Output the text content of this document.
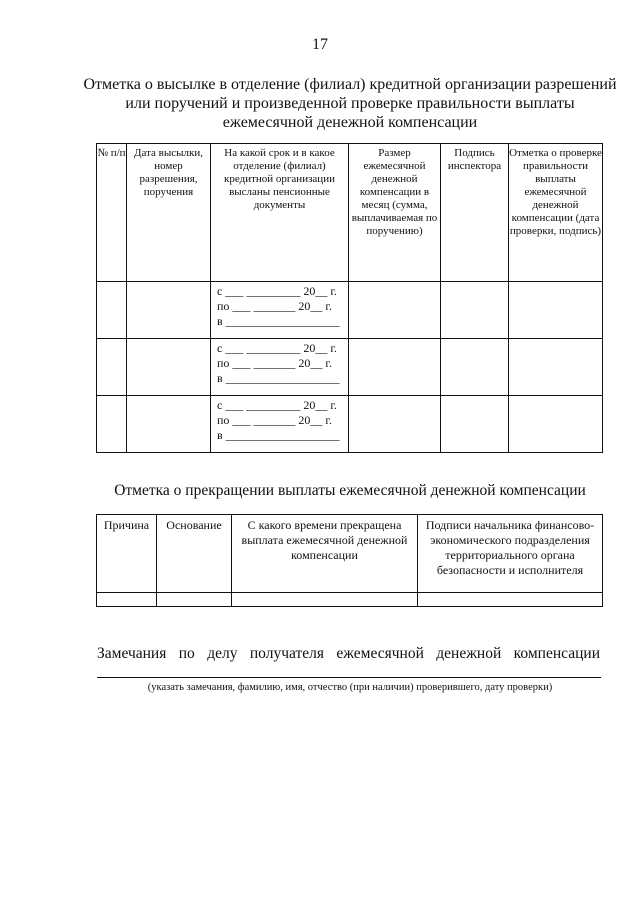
17
Отметка о высылке в отделение (филиал) кредитной организации разрешений
или поручений и произведенной проверке правильности выплаты
ежемесячной денежной компенсации
№ п/п	Дата высылки, номер разрешения, поручения	На какой срок и в какое отделение (филиал) кредитной организации высланы пенсионные документы	Размер ежемесячной денежной компенсации в месяц (сумма, выплачиваемая по поручению)	Подпись инспектора	Отметка о проверке правильности выплаты ежемесячной денежной компенсации (дата проверки, подпись)

		с ___ _________ 20__ г.
по ___ _______ 20__ г.
в ___________________			

		с ___ _________ 20__ г.
по ___ _______ 20__ г.
в ___________________			

		с ___ _________ 20__ г.
по ___ _______ 20__ г.
в ___________________			

Отметка о прекращении выплаты ежемесячной денежной компенсации
Причина	Основание	С какого времени прекращена выплата ежемесячной денежной компенсации	Подписи начальника финансово-экономического подразделения территориального органа безопасности и исполнителя

Замечания по делу получателя ежемесячной денежной компенсации
(указать замечания, фамилию, имя, отчество (при наличии) проверившего, дату проверки)
